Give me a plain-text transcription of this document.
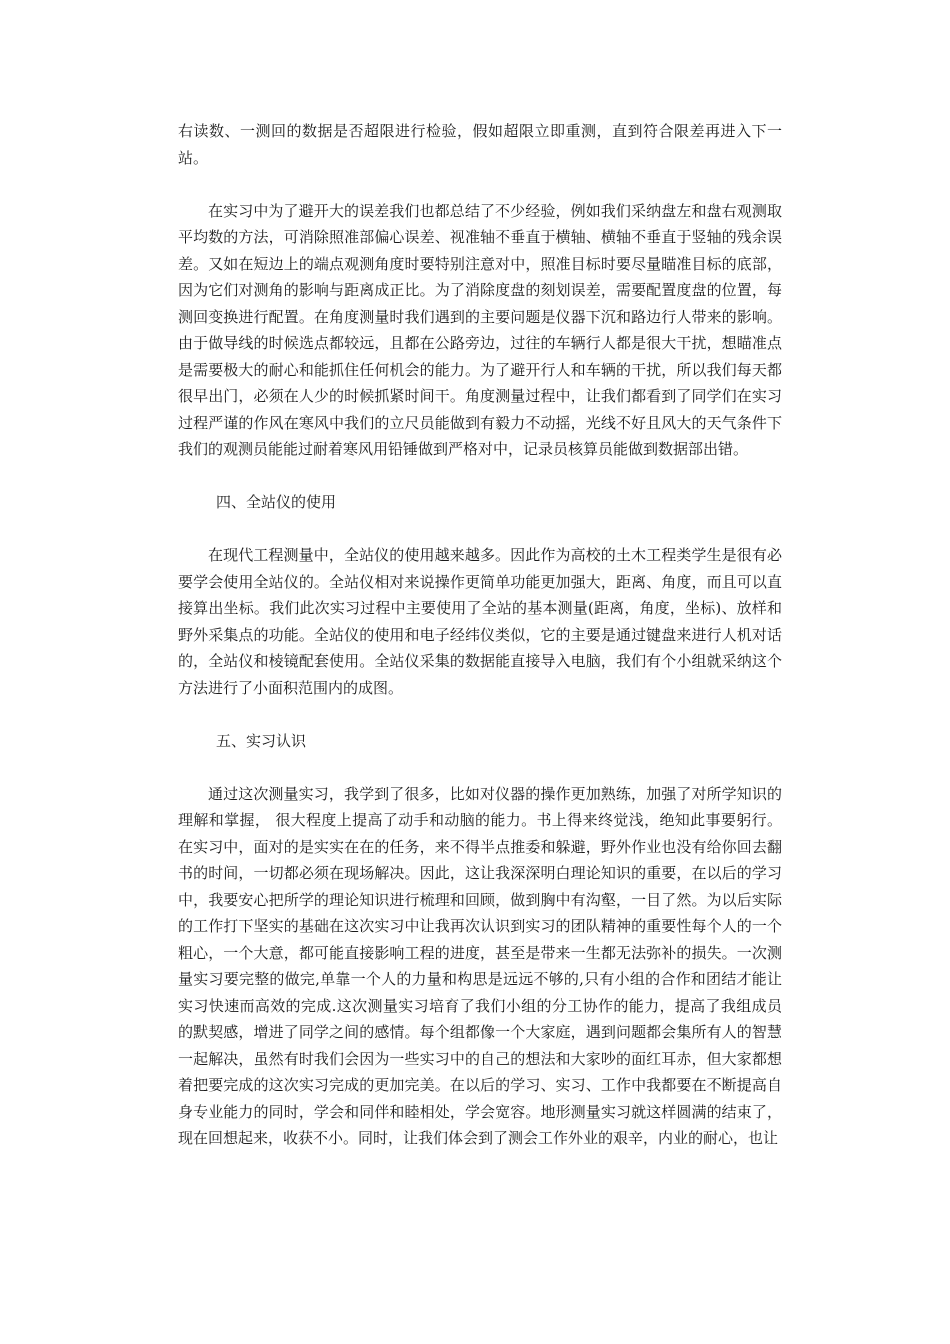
右读数、一测回的数据是否超限进行检验，假如超限立即重测，直到符合限差再进入下一站。

在实习中为了避开大的误差我们也都总结了不少经验，例如我们采纳盘左和盘右观测取平均数的方法，可消除照准部偏心误差、视准轴不垂直于横轴、横轴不垂直于竖轴的残余误差。又如在短边上的端点观测角度时要特别注意对中，照准目标时要尽量瞄准目标的底部，因为它们对测角的影响与距离成正比。为了消除度盘的刻划误差，需要配置度盘的位置，每测回变换进行配置。在角度测量时我们遇到的主要问题是仪器下沉和路边行人带来的影响。由于做导线的时候选点都较远，且都在公路旁边，过往的车辆行人都是很大干扰，想瞄准点是需要极大的耐心和能抓住任何机会的能力。为了避开行人和车辆的干扰，所以我们每天都很早出门，必须在人少的时候抓紧时间干。角度测量过程中，让我们都看到了同学们在实习过程严谨的作风在寒风中我们的立尺员能做到有毅力不动摇，光线不好且风大的天气条件下我们的观测员能能过耐着寒风用铅锤做到严格对中，记录员核算员能做到数据部出错。

四、全站仪的使用

在现代工程测量中，全站仪的使用越来越多。因此作为高校的土木工程类学生是很有必要学会使用全站仪的。全站仪相对来说操作更简单功能更加强大，距离、角度，而且可以直接算出坐标。我们此次实习过程中主要使用了全站的基本测量(距离，角度，坐标)、放样和野外采集点的功能。全站仪的使用和电子经纬仪类似，它的主要是通过键盘来进行人机对话的，全站仪和棱镜配套使用。全站仪采集的数据能直接导入电脑，我们有个小组就采纳这个方法进行了小面积范围内的成图。

五、实习认识

通过这次测量实习，我学到了很多，比如对仪器的操作更加熟练，加强了对所学知识的理解和掌握， 很大程度上提高了动手和动脑的能力。书上得来终觉浅，绝知此事要躬行。在实习中，面对的是实实在在的任务，来不得半点推委和躲避，野外作业也没有给你回去翻书的时间，一切都必须在现场解决。因此，这让我深深明白理论知识的重要，在以后的学习中，我要安心把所学的理论知识进行梳理和回顾，做到胸中有沟壑，一目了然。为以后实际的工作打下坚实的基础在这次实习中让我再次认识到实习的团队精神的重要性每个人的一个粗心，一个大意，都可能直接影响工程的进度，甚至是带来一生都无法弥补的损失。一次测量实习要完整的做完,单靠一个人的力量和构思是远远不够的,只有小组的合作和团结才能让实习快速而高效的完成.这次测量实习培育了我们小组的分工协作的能力，提高了我组成员的默契感，增进了同学之间的感情。每个组都像一个大家庭，遇到问题都会集所有人的智慧一起解决，虽然有时我们会因为一些实习中的自己的想法和大家吵的面红耳赤，但大家都想着把要完成的这次实习完成的更加完美。在以后的学习、实习、工作中我都要在不断提高自身专业能力的同时，学会和同伴和睦相处，学会宽容。地形测量实习就这样圆满的结束了，现在回想起来，收获不小。同时，让我们体会到了测会工作外业的艰辛，内业的耐心，也让
